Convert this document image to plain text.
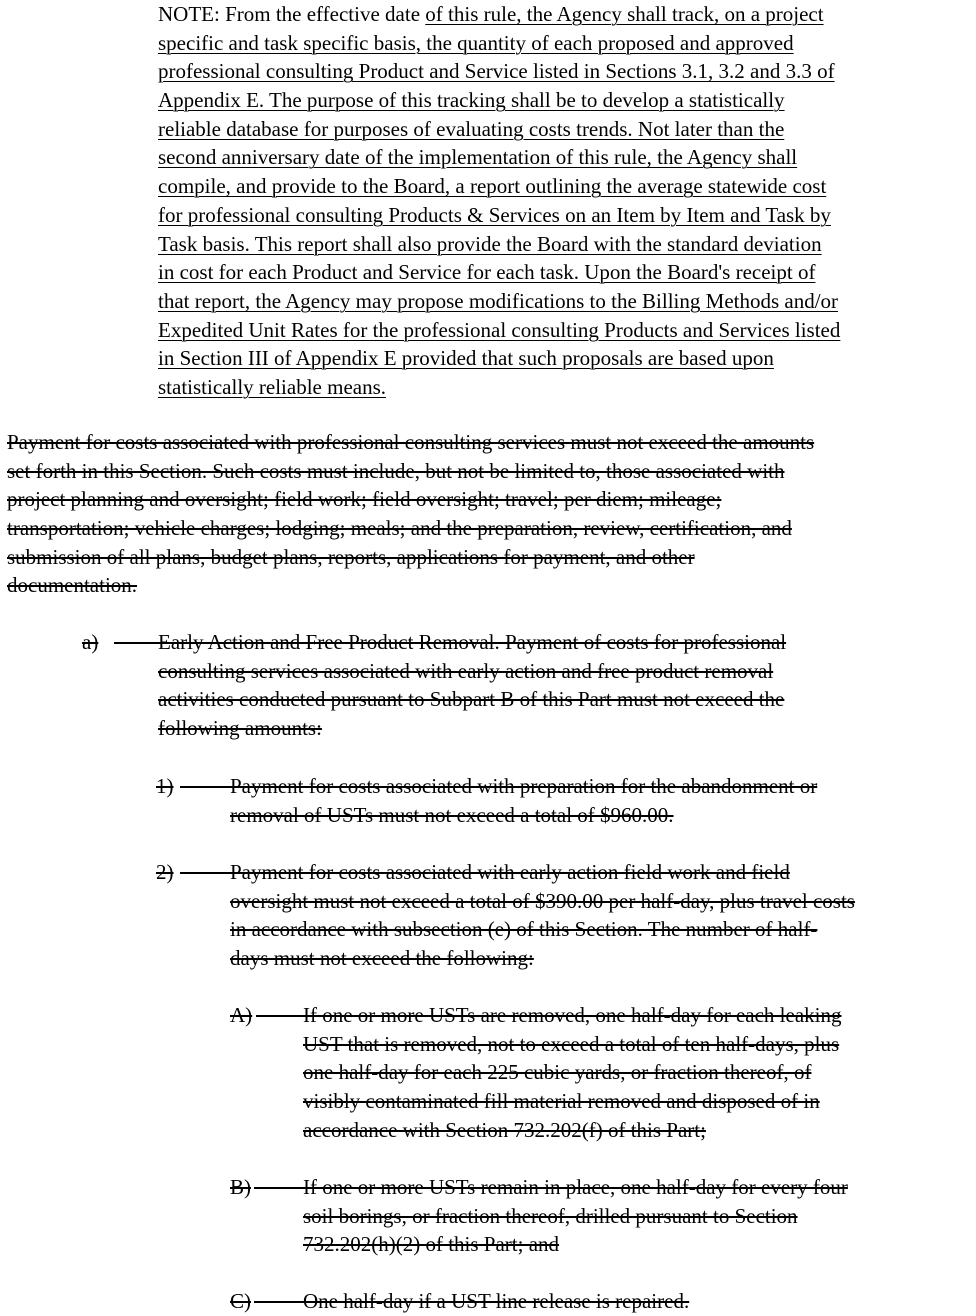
NOTE: From the effective date of this rule, the Agency shall track, on a project
specific and task specific basis, the quantity of each proposed and approved
professional consulting Product and Service listed in Sections 3.1, 3.2 and 3.3 of
Appendix E. The purpose of this tracking shall be to develop a statistically
reliable database for purposes of evaluating costs trends. Not later than the
second anniversary date of the implementation of this rule, the Agency shall
compile, and provide to the Board, a report outlining the average statewide cost
for professional consulting Products & Services on an Item by Item and Task by
Task basis. This report shall also provide the Board with the standard deviation
in cost for each Product and Service for each task. Upon the Board's receipt of
that report, the Agency may propose modifications to the Billing Methods and/or
Expedited Unit Rates for the professional consulting Products and Services listed
in Section III of Appendix E provided that such proposals are based upon
statistically reliable means.
Payment for costs associated with professional consulting services must not exceed the amounts
set forth in this Section. Such costs must include, but not be limited to, those associated with
project planning and oversight; field work; field oversight; travel; per diem; mileage;
transportation; vehicle charges; lodging; meals; and the preparation, review, certification, and
submission of all plans, budget plans, reports, applications for payment, and other
documentation.
a)	Early Action and Free Product Removal. Payment of costs for professional
consulting services associated with early action and free product removal
activities conducted pursuant to Subpart B of this Part must not exceed the
following amounts:
1)	Payment for costs associated with preparation for the abandonment or
removal of USTs must not exceed a total of $960.00.
2)	Payment for costs associated with early action field work and field
oversight must not exceed a total of $390.00 per half-day, plus travel costs
in accordance with subsection (e) of this Section. The number of half-
days must not exceed the following:
A) If one or more USTs are removed, one half-day for each leaking
UST that is removed, not to exceed a total of ten half-days, plus
one half-day for each 225 cubic yards, or fraction thereof, of
visibly contaminated fill material removed and disposed of in
accordance with Section 732.202(f) of this Part;
B) If one or more USTs remain in place, one half-day for every four
soil borings, or fraction thereof, drilled pursuant to Section
732.202(h)(2) of this Part; and
C) One half-day if a UST line release is repaired.
